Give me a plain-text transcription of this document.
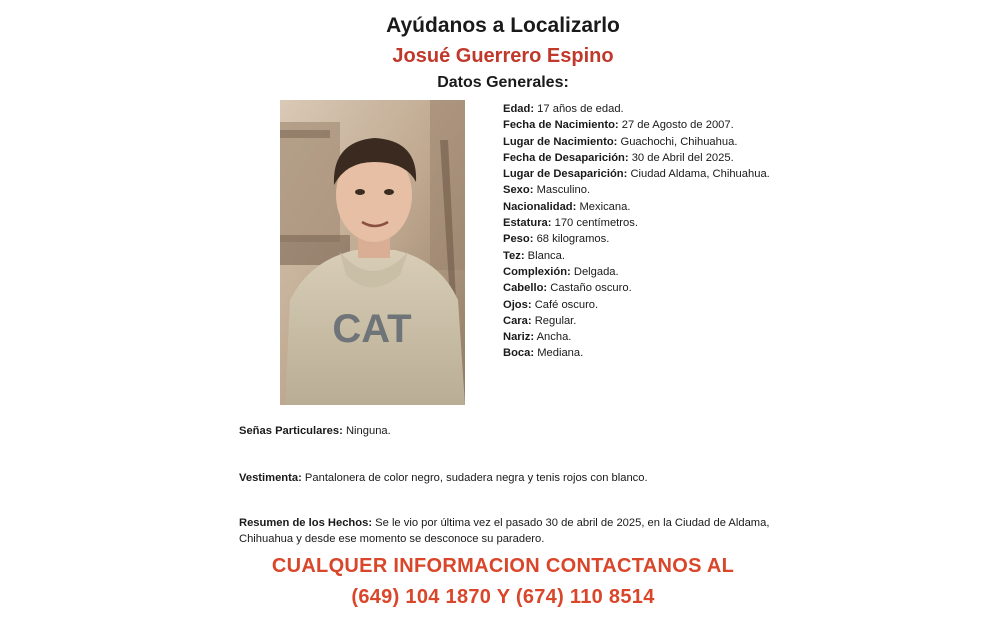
Ayúdanos a Localizarlo
Josué Guerrero Espino
Datos Generales:
CAT
Edad: 17 años de edad.
Fecha de Nacimiento: 27 de Agosto de 2007.
Lugar de Nacimiento: Guachochi, Chihuahua.
Fecha de Desaparición: 30 de Abril del 2025.
Lugar de Desaparición: Ciudad Aldama, Chihuahua.
Sexo: Masculino.
Nacionalidad: Mexicana.
Estatura: 170 centímetros.
Peso: 68 kilogramos.
Tez: Blanca.
Complexión: Delgada.
Cabello: Castaño oscuro.
Ojos: Café oscuro.
Cara: Regular.
Nariz: Ancha.
Boca: Mediana.
Señas Particulares: Ninguna.
Vestimenta: Pantalonera de color negro, sudadera negra y tenis rojos con blanco.
Resumen de los Hechos: Se le vio por última vez el pasado 30 de abril de 2025, en la Ciudad de Aldama, Chihuahua y desde ese momento se desconoce su paradero.
CUALQUER INFORMACION CONTACTANOS AL
(649) 104 1870 Y (674) 110 8514
